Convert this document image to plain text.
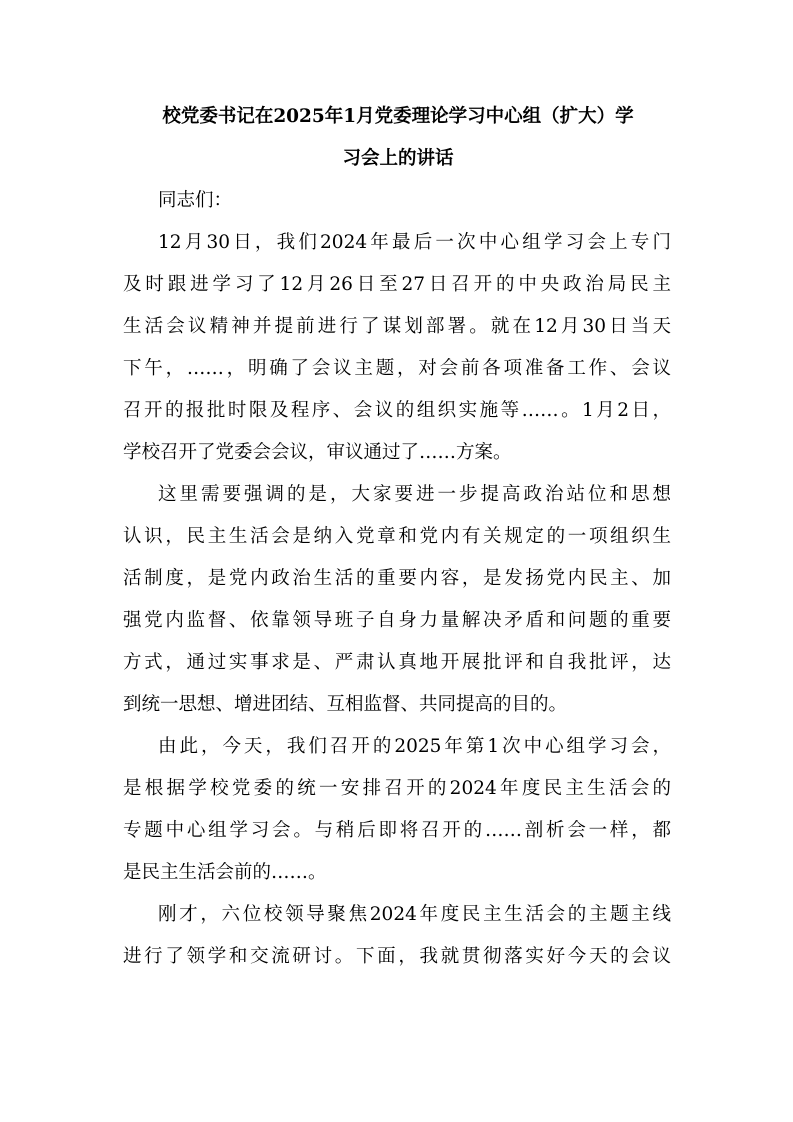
校党委书记在2025年1月党委理论学习中心组（扩大）学
习会上的讲话
同志们：
12月30日，我们2024年最后一次中心组学习会上专门
及时跟进学习了12月26日至27日召开的中央政治局民主
生活会议精神并提前进行了谋划部署。就在12月30日当天
下午，……，明确了会议主题，对会前各项准备工作、会议
召开的报批时限及程序、会议的组织实施等……。1月2日，
学校召开了党委会会议，审议通过了……方案。
这里需要强调的是，大家要进一步提高政治站位和思想
认识，民主生活会是纳入党章和党内有关规定的一项组织生
活制度，是党内政治生活的重要内容，是发扬党内民主、加
强党内监督、依靠领导班子自身力量解决矛盾和问题的重要
方式，通过实事求是、严肃认真地开展批评和自我批评，达
到统一思想、增进团结、互相监督、共同提高的目的。
由此，今天，我们召开的2025年第1次中心组学习会，
是根据学校党委的统一安排召开的2024年度民主生活会的
专题中心组学习会。与稍后即将召开的……剖析会一样，都
是民主生活会前的……。
刚才，六位校领导聚焦2024年度民主生活会的主题主线
进行了领学和交流研讨。下面，我就贯彻落实好今天的会议
